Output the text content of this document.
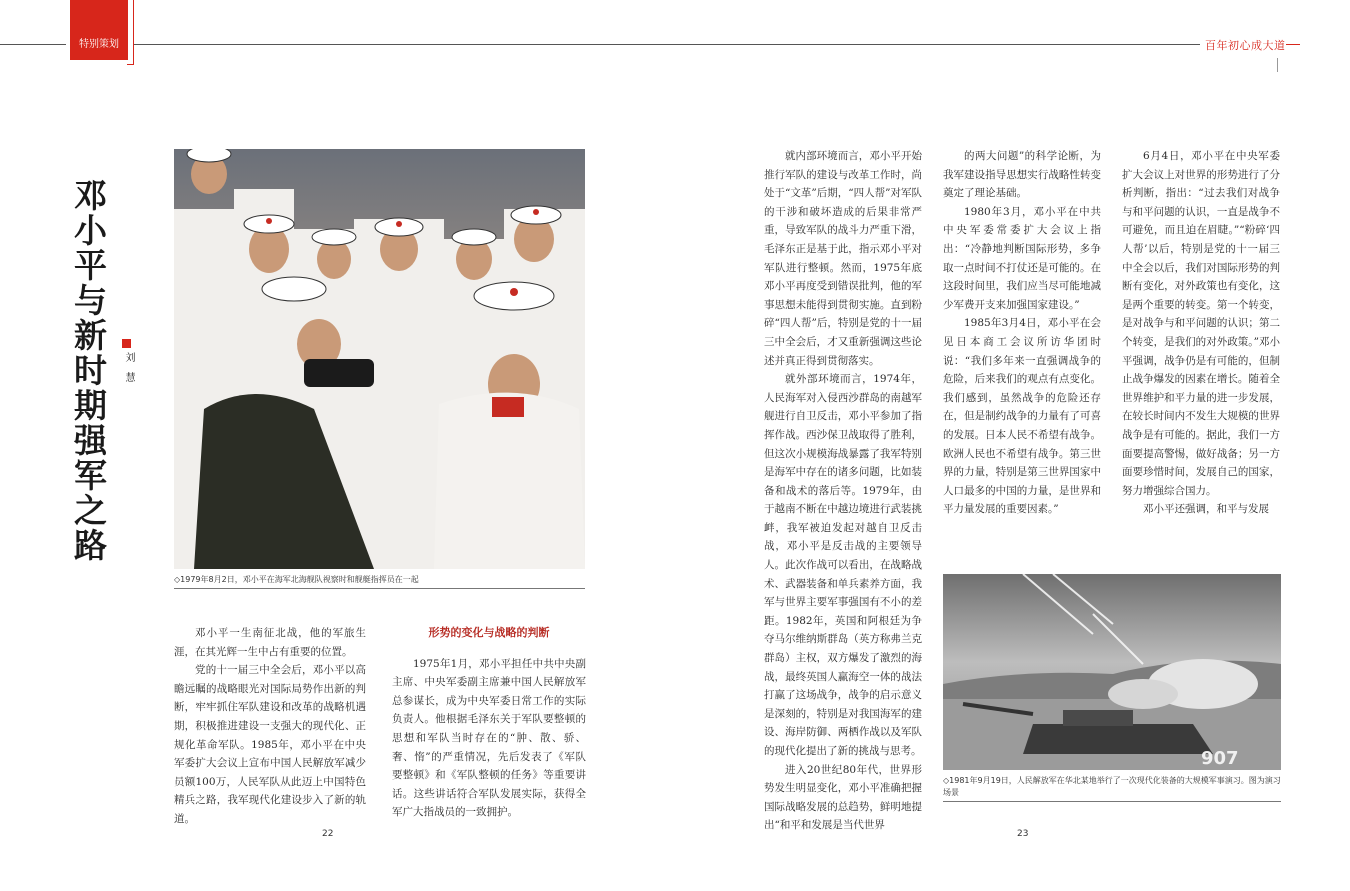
特别策划	百年初心成大道
邓小平与新时期强军之路 刘慧
◇1979年8月2日，邓小平在海军北海舰队视察时和舰艇指挥员在一起

邓小平一生南征北战，他的军旅生涯，在其光辉一生中占有重要的位置。

党的十一届三中全会后，邓小平以高瞻远瞩的战略眼光对国际局势作出新的判断，牢牢抓住军队建设和改革的战略机遇期，积极推进建设一支强大的现代化、正规化革命军队。1985年，邓小平在中央军委扩大会议上宣布中国人民解放军减少员额100万，人民军队从此迈上中国特色精兵之路，我军现代化建设步入了新的轨道。

形势的变化与战略的判断

1975年1月，邓小平担任中共中央副主席、中央军委副主席兼中国人民解放军总参谋长，成为中央军委日常工作的实际负责人。他根据毛泽东关于军队要整顿的思想和军队当时存在的“肿、散、骄、奢、惰”的严重情况，先后发表了《军队要整顿》和《军队整顿的任务》等重要讲话。这些讲话符合军队发展实际，获得全军广大指战员的一致拥护。

就内部环境而言，邓小平开始推行军队的建设与改革工作时，尚处于“文革”后期，“四人帮”对军队的干涉和破坏造成的后果非常严重，导致军队的战斗力严重下滑，毛泽东正是基于此，指示邓小平对军队进行整顿。然而，1975年底邓小平再度受到错误批判，他的军事思想未能得到贯彻实施。直到粉碎“四人帮”后，特别是党的十一届三中全会后，才又重新强调这些论述并真正得到贯彻落实。

就外部环境而言，1974年，人民海军对入侵西沙群岛的南越军舰进行自卫反击，邓小平参加了指挥作战。西沙保卫战取得了胜利，但这次小规模海战暴露了我军特别是海军中存在的诸多问题，比如装备和战术的落后等。1979年，由于越南不断在中越边境进行武装挑衅，我军被迫发起对越自卫反击战，邓小平是反击战的主要领导人。此次作战可以看出，在战略战术、武器装备和单兵素养方面，我军与世界主要军事强国有不小的差距。1982年，英国和阿根廷为争夺马尔维纳斯群岛（英方称弗兰克群岛）主权，双方爆发了激烈的海战，最终英国人赢海空一体的战法打赢了这场战争，战争的启示意义是深刻的，特别是对我国海军的建设、海岸防御、两栖作战以及军队的现代化提出了新的挑战与思考。

进入20世纪80年代，世界形势发生明显变化，邓小平准确把握国际战略发展的总趋势，鲜明地提出“和平和发展是当代世界

的两大问题”的科学论断，为我军建设指导思想实行战略性转变奠定了理论基础。

1980年3月，邓小平在中共中央军委常委扩大会议上指出：“冷静地判断国际形势，多争取一点时间不打仗还是可能的。在这段时间里，我们应当尽可能地减少军费开支来加强国家建设。”

1985年3月4日，邓小平在会见日本商工会议所访华团时说：“我们多年来一直强调战争的危险，后来我们的观点有点变化。我们感到，虽然战争的危险还存在，但是制约战争的力量有了可喜的发展。日本人民不希望有战争。欧洲人民也不希望有战争。第三世界的力量，特别是第三世界国家中人口最多的中国的力量，是世界和平力量发展的重要因素。”

6月4日，邓小平在中央军委扩大会议上对世界的形势进行了分析判断，指出：“过去我们对战争与和平问题的认识，一直是战争不可避免，而且迫在眉睫。”“粉碎‘四人帮’以后，特别是党的十一届三中全会以后，我们对国际形势的判断有变化，对外政策也有变化，这是两个重要的转变。第一个转变，是对战争与和平问题的认识；第二个转变，是我们的对外政策。”邓小平强调，战争仍是有可能的，但制止战争爆发的因素在增长。随着全世界维护和平力量的进一步发展，在较长时间内不发生大规模的世界战争是有可能的。据此，我们一方面要提高警惕，做好战备；另一方面要珍惜时间，发展自己的国家，努力增强综合国力。

邓小平还强调，和平与发展

907
◇1981年9月19日，人民解放军在华北某地举行了一次现代化装备的大规模军事演习。图为演习场景
22	23
